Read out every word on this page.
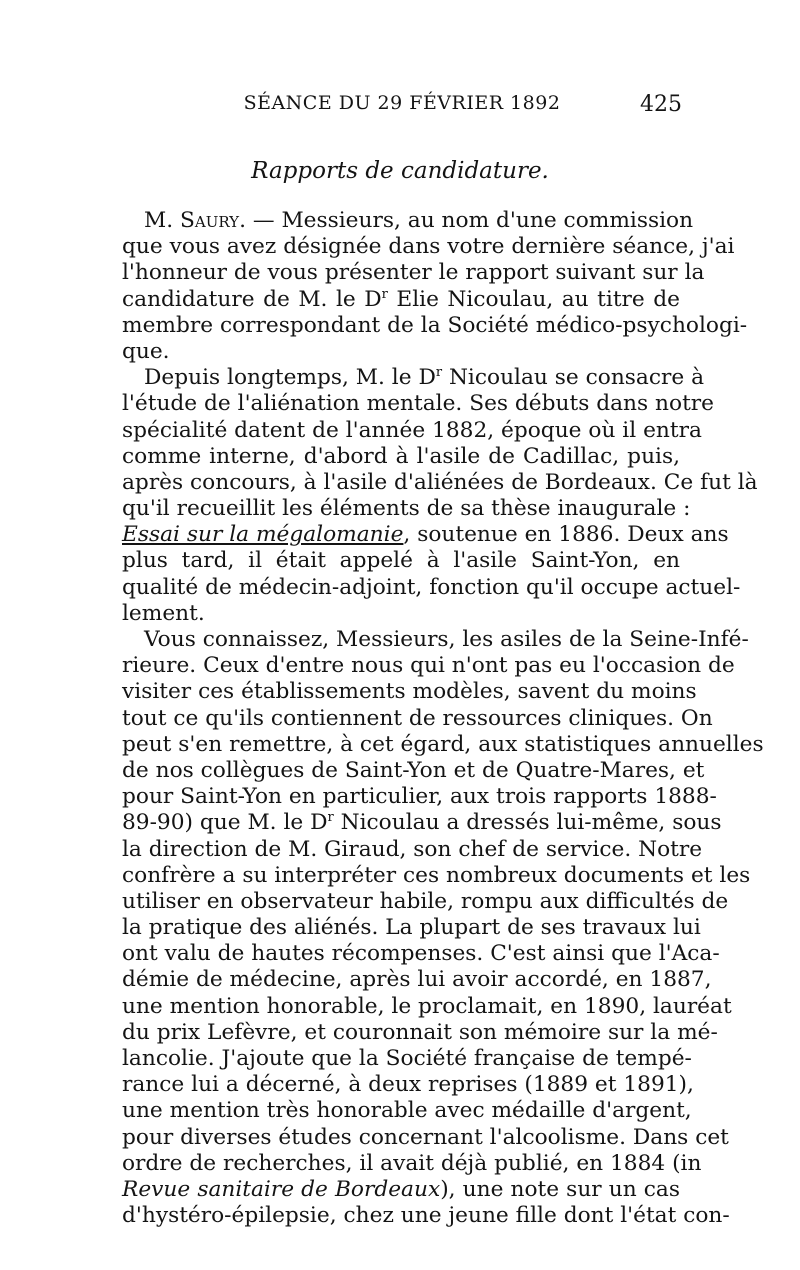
SÉANCE DU 29 FÉVRIER 1892	425
Rapports de candidature.
M. Saury. — Messieurs, au nom d'une commission
que vous avez désignée dans votre dernière séance, j'ai
l'honneur de vous présenter le rapport suivant sur la
candidature de M. le $D^r$ Elie Nicoulau, au titre de
membre correspondant de la Société médico-psychologi-
que.
Depuis longtemps, M. le $D^r$ Nicoulau se consacre à
l'étude de l'aliénation mentale. Ses débuts dans notre
spécialité datent de l'année 1882, époque où il entra
comme interne, d'abord à l'asile de Cadillac, puis,
après concours, à l'asile d'aliénées de Bordeaux. Ce fut là
qu'il recueillit les éléments de sa thèse inaugurale :
Essai sur la mégalomanie, soutenue en 1886. Deux ans
plus tard, il était appelé à l'asile Saint-Yon, en
qualité de médecin-adjoint, fonction qu'il occupe actuel-
lement.
Vous connaissez, Messieurs, les asiles de la Seine-Infé-
rieure. Ceux d'entre nous qui n'ont pas eu l'occasion de
visiter ces établissements modèles, savent du moins
tout ce qu'ils contiennent de ressources cliniques. On
peut s'en remettre, à cet égard, aux statistiques annuelles
de nos collègues de Saint-Yon et de Quatre-Mares, et
pour Saint-Yon en particulier, aux trois rapports 1888-
89-90) que M. le $D^r$ Nicoulau a dressés lui-même, sous
la direction de M. Giraud, son chef de service. Notre
confrère a su interpréter ces nombreux documents et les
utiliser en observateur habile, rompu aux difficultés de
la pratique des aliénés. La plupart de ses travaux lui
ont valu de hautes récompenses. C'est ainsi que l'Aca-
démie de médecine, après lui avoir accordé, en 1887,
une mention honorable, le proclamait, en 1890, lauréat
du prix Lefèvre, et couronnait son mémoire sur la mé-
lancolie. J'ajoute que la Société française de tempé-
rance lui a décerné, à deux reprises (1889 et 1891),
une mention très honorable avec médaille d'argent,
pour diverses études concernant l'alcoolisme. Dans cet
ordre de recherches, il avait déjà publié, en 1884 (in
Revue sanitaire de Bordeaux), une note sur un cas
d'hystéro-épilepsie, chez une jeune fille dont l'état con-
